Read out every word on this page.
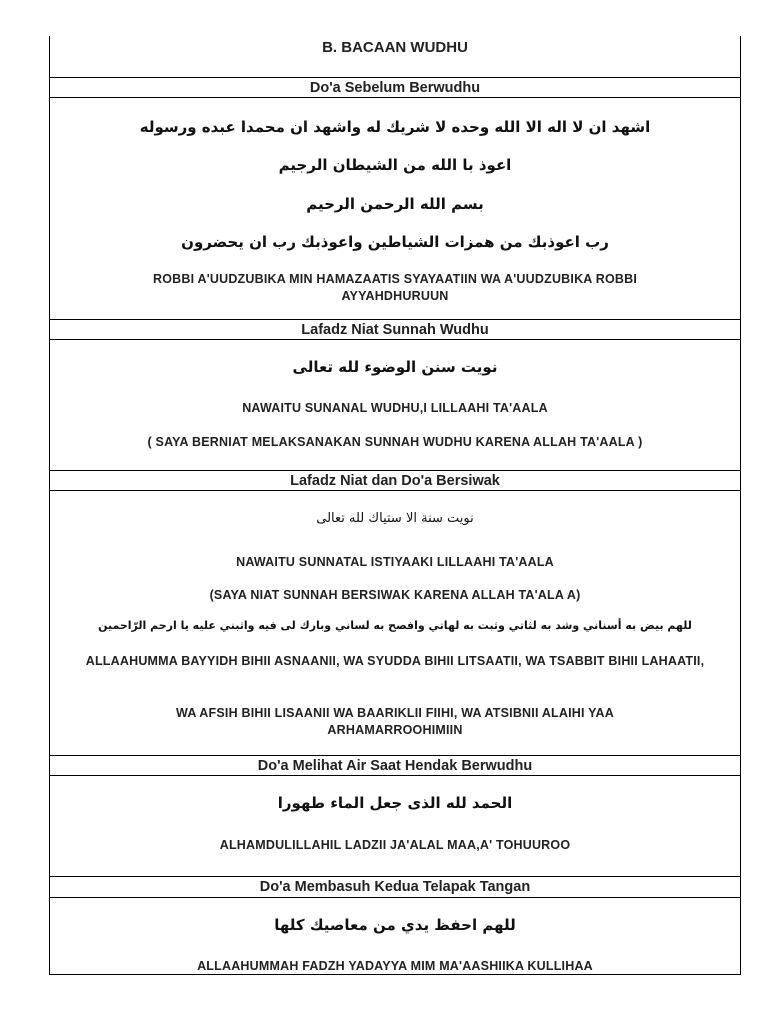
B. BACAAN WUDHU
Do'a Sebelum Berwudhu
اشهد ان لا اله الا الله وحده لا شريك له واشهد ان محمدا عبده ورسوله
اعوذ با الله من الشيطان الرجيم
بسم الله الرحمن الرحيم
رب اعوذبك من همزات الشياطين واعوذبك رب ان يحضرون
ROBBI A'UUDZUBIKA MIN HAMAZAATIS SYAYAATIIN WA A'UUDZUBIKA ROBBI AYYAHDHURUUN
Lafadz Niat Sunnah Wudhu
نويت سنن الوضوء لله تعالى
NAWAITU SUNANAL WUDHU,I LILLAAHI TA'AALA
( SAYA BERNIAT MELAKSANAKAN SUNNAH WUDHU KARENA ALLAH TA'AALA )
Lafadz Niat dan Do'a Bersiwak
نويت سنة الا ستياك لله تعالى
NAWAITU SUNNATAL ISTIYAAKI LILLAAHI TA'AALA
(SAYA NIAT SUNNAH BERSIWAK KARENA ALLAH TA'ALA A)
للهم بيض به أسناني وشد به لثاتي وثبت به لهاتي وافصح به لساني وبارك لى فيه واثبني عليه يا ارحم الرّاحمين
ALLAAHUMMA BAYYIDH BIHII ASNAANII, WA SYUDDA BIHII LITSAATII, WA TSABBIT BIHII LAHAATII,
WA AFSIH BIHII LISAANII WA BAARIKLII FIIHI, WA ATSIBNII ALAIHI YAA ARHAMARROOHIMIIN
Do'a Melihat Air Saat Hendak Berwudhu
الحمد لله الذى جعل الماء طهورا
ALHAMDULILLAHIL LADZII JA'ALAL MAA,A' TOHUUROO
Do'a Membasuh Kedua Telapak Tangan
للهم احفظ يدي من معاصيك كلها
ALLAAHUMMAH FADZH YADAYYA MIM MA'AASHIIKA KULLIHAA
